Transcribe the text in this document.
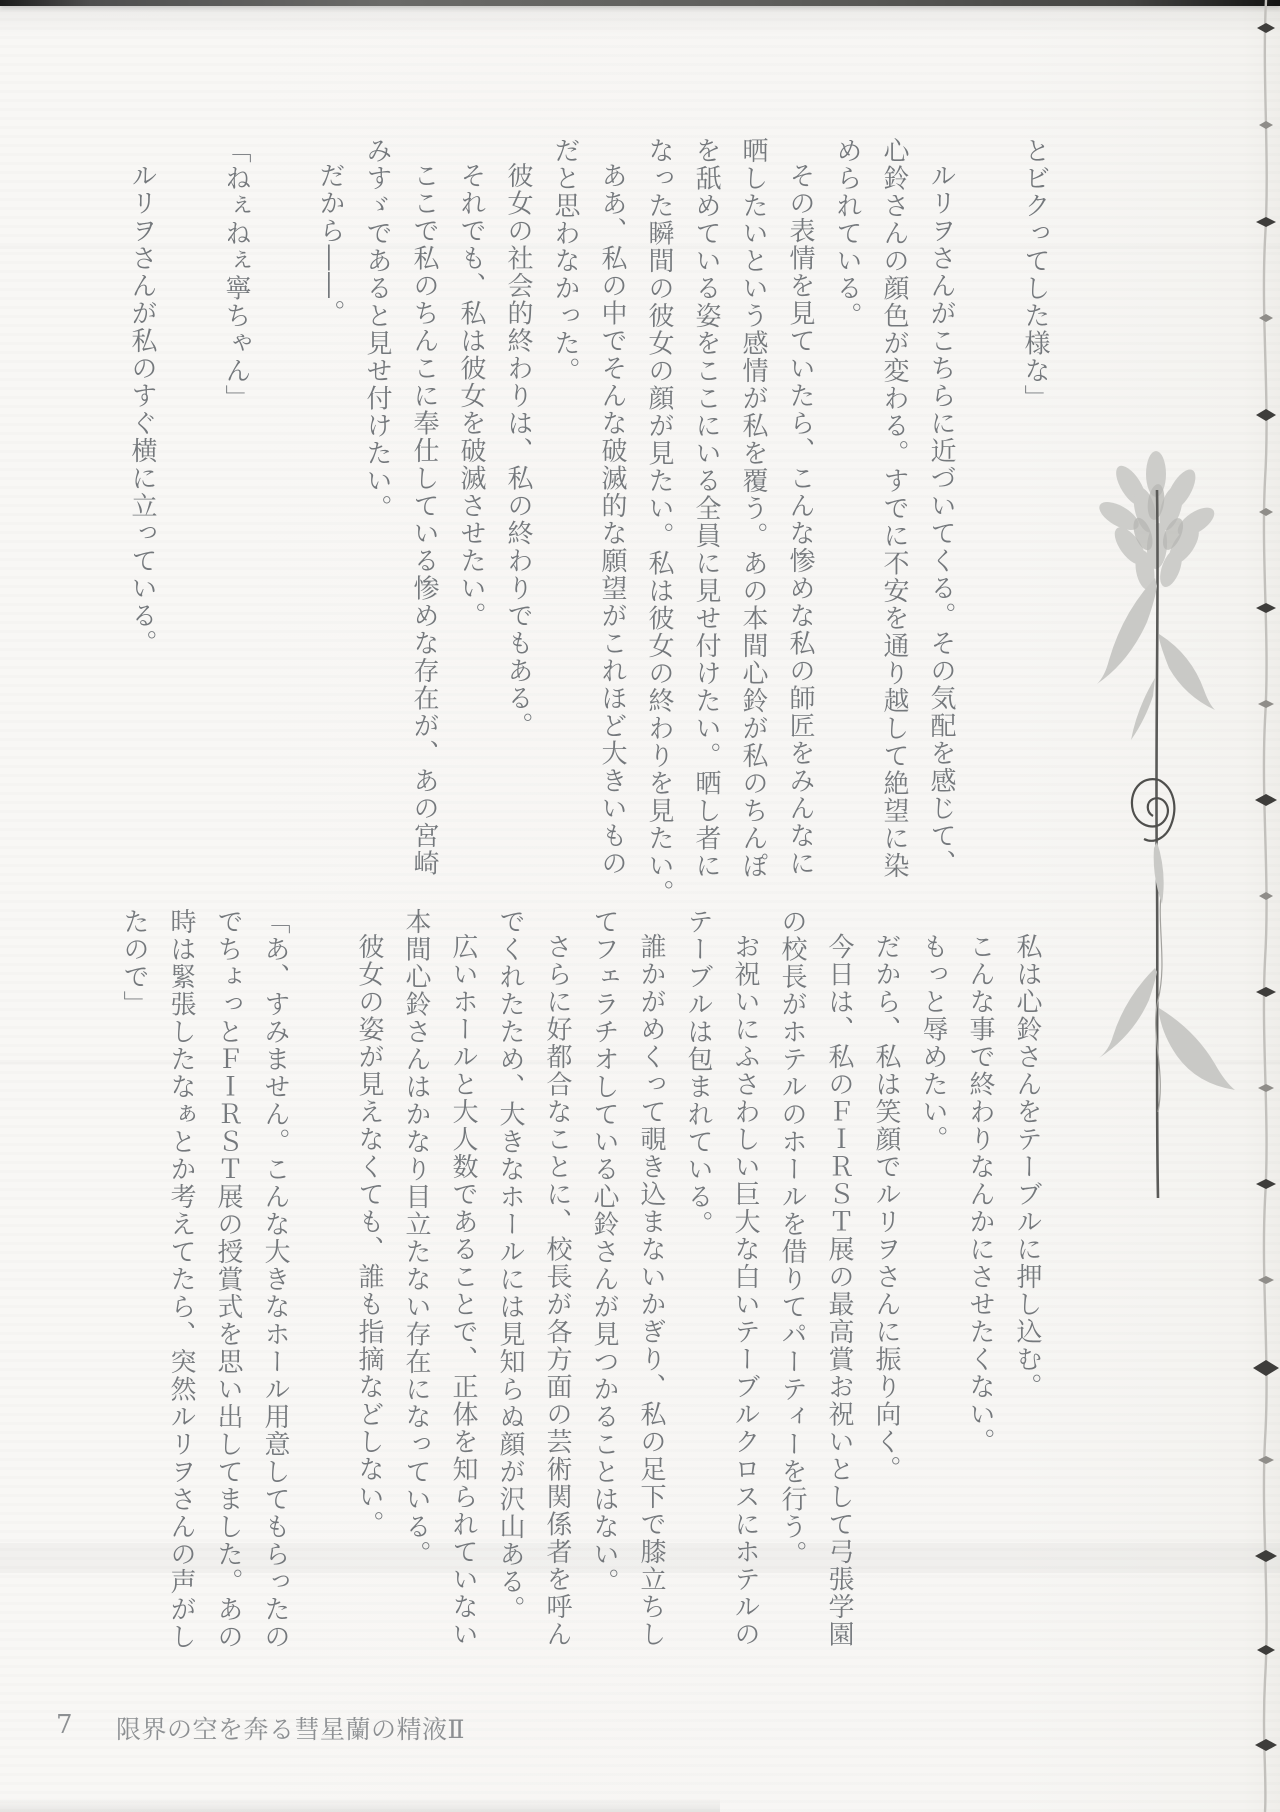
とビクってした様な」
ルリヲさんがこちらに近づいてくる。その気配を感じて、
心鈴さんの顔色が変わる。すでに不安を通り越して絶望に染
められている。
その表情を見ていたら、こんな惨めな私の師匠をみんなに
晒したいという感情が私を覆う。あの本間心鈴が私のちんぽ
を舐めている姿をここにいる全員に見せ付けたい。晒し者に
なった瞬間の彼女の顔が見たい。私は彼女の終わりを見たい。
ああ、私の中でそんな破滅的な願望がこれほど大きいもの
だと思わなかった。
彼女の社会的終わりは、私の終わりでもある。
それでも、私は彼女を破滅させたい。
ここで私のちんこに奉仕している惨めな存在が、あの宮崎
みすゞであると見せ付けたい。
だから――。
「ねぇねぇ寧ちゃん」
ルリヲさんが私のすぐ横に立っている。
私は心鈴さんをテーブルに押し込む。
こんな事で終わりなんかにさせたくない。
もっと辱めたい。
だから、私は笑顔でルリヲさんに振り向く。
今日は、私のＦＩＲＳＴ展の最高賞お祝いとして弓張学園
の校長がホテルのホールを借りてパーティーを行う。
お祝いにふさわしい巨大な白いテーブルクロスにホテルの
テーブルは包まれている。
誰かがめくって覗き込まないかぎり、私の足下で膝立ちし
てフェラチオしている心鈴さんが見つかることはない。
さらに好都合なことに、校長が各方面の芸術関係者を呼ん
でくれたため、大きなホールには見知らぬ顔が沢山ある。
広いホールと大人数であることで、正体を知られていない
本間心鈴さんはかなり目立たない存在になっている。
彼女の姿が見えなくても、誰も指摘などしない。
「あ、すみません。こんな大きなホール用意してもらったの
でちょっとＦＩＲＳＴ展の授賞式を思い出してました。あの
時は緊張したなぁとか考えてたら、突然ルリヲさんの声がし
たので」
7 限界の空を奔る彗星蘭の精液Ⅱ
